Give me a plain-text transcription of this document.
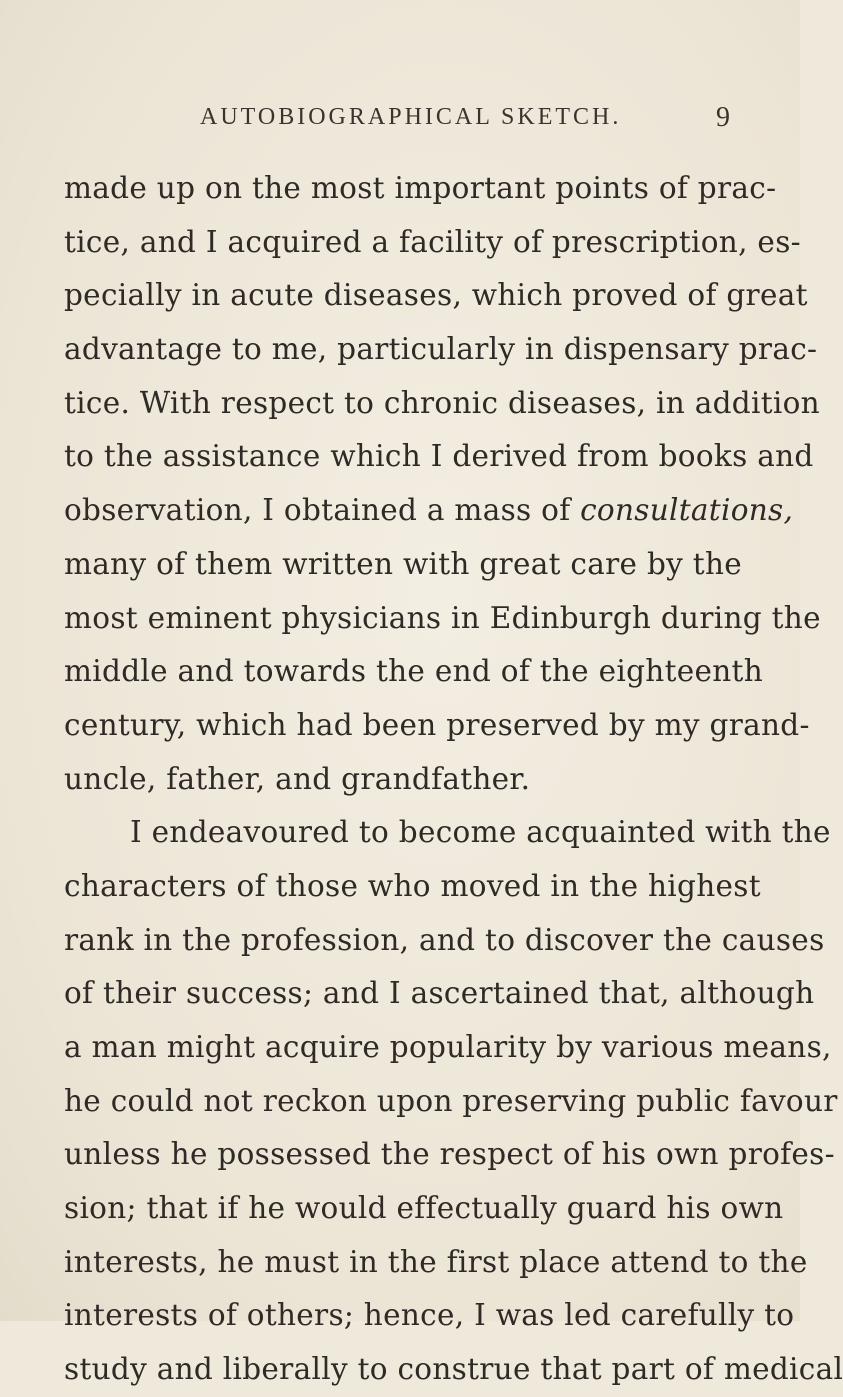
AUTOBIOGRAPHICAL SKETCH.	9
made up on the most important points of prac-
tice, and I acquired a facility of prescription, es-
pecially in acute diseases, which proved of great
advantage to me, particularly in dispensary prac-
tice. With respect to chronic diseases, in addition
to the assistance which I derived from books and
observation, I obtained a mass of consultations,
many of them written with great care by the
most eminent physicians in Edinburgh during the
middle and towards the end of the eighteenth
century, which had been preserved by my grand-
uncle, father, and grandfather.
I endeavoured to become acquainted with the
characters of those who moved in the highest
rank in the profession, and to discover the causes
of their success; and I ascertained that, although
a man might acquire popularity by various means,
he could not reckon upon preserving public favour
unless he possessed the respect of his own profes-
sion; that if he would effectually guard his own
interests, he must in the first place attend to the
interests of others; hence, I was led carefully to
study and liberally to construe that part of medical
